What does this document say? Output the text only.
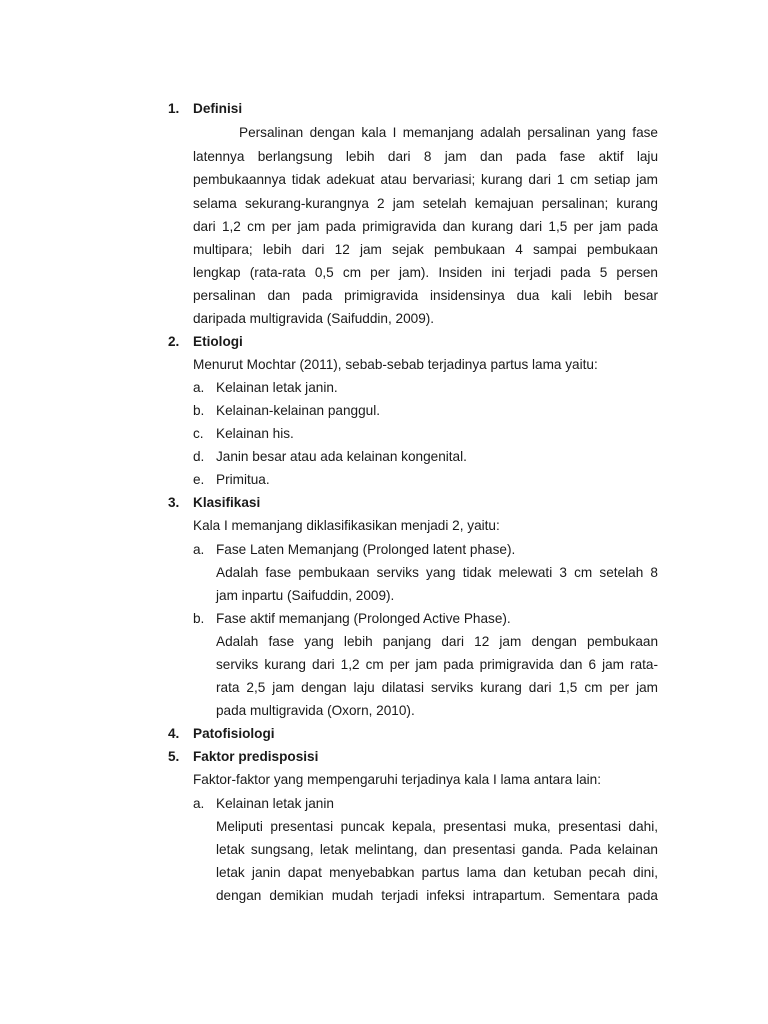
1. Definisi
Persalinan dengan kala I memanjang adalah persalinan yang fase
latennya berlangsung lebih dari 8 jam dan pada fase aktif laju
pembukaannya tidak adekuat atau bervariasi; kurang dari 1 cm setiap jam
selama sekurang-kurangnya 2 jam setelah kemajuan persalinan; kurang
dari 1,2 cm per jam pada primigravida dan kurang dari 1,5 per jam pada
multipara; lebih dari 12 jam sejak pembukaan 4 sampai pembukaan
lengkap (rata-rata 0,5 cm per jam). Insiden ini terjadi pada 5 persen
persalinan dan pada primigravida insidensinya dua kali lebih besar
daripada multigravida (Saifuddin, 2009).
2. Etiologi
Menurut Mochtar (2011), sebab-sebab terjadinya partus lama yaitu:
a. Kelainan letak janin.
b. Kelainan-kelainan panggul.
c. Kelainan his.
d. Janin besar atau ada kelainan kongenital.
e. Primitua.
3. Klasifikasi
Kala I memanjang diklasifikasikan menjadi 2, yaitu:
a. Fase Laten Memanjang (Prolonged latent phase).
Adalah fase pembukaan serviks yang tidak melewati 3 cm setelah 8
jam inpartu (Saifuddin, 2009).
b. Fase aktif memanjang (Prolonged Active Phase).
Adalah fase yang lebih panjang dari 12 jam dengan pembukaan
serviks kurang dari 1,2 cm per jam pada primigravida dan 6 jam rata-
rata 2,5 jam dengan laju dilatasi serviks kurang dari 1,5 cm per jam
pada multigravida (Oxorn, 2010).
4. Patofisiologi
5. Faktor predisposisi
Faktor-faktor yang mempengaruhi terjadinya kala I lama antara lain:
a. Kelainan letak janin
Meliputi presentasi puncak kepala, presentasi muka, presentasi dahi,
letak sungsang, letak melintang, dan presentasi ganda. Pada kelainan
letak janin dapat menyebabkan partus lama dan ketuban pecah dini,
dengan demikian mudah terjadi infeksi intrapartum. Sementara pada
